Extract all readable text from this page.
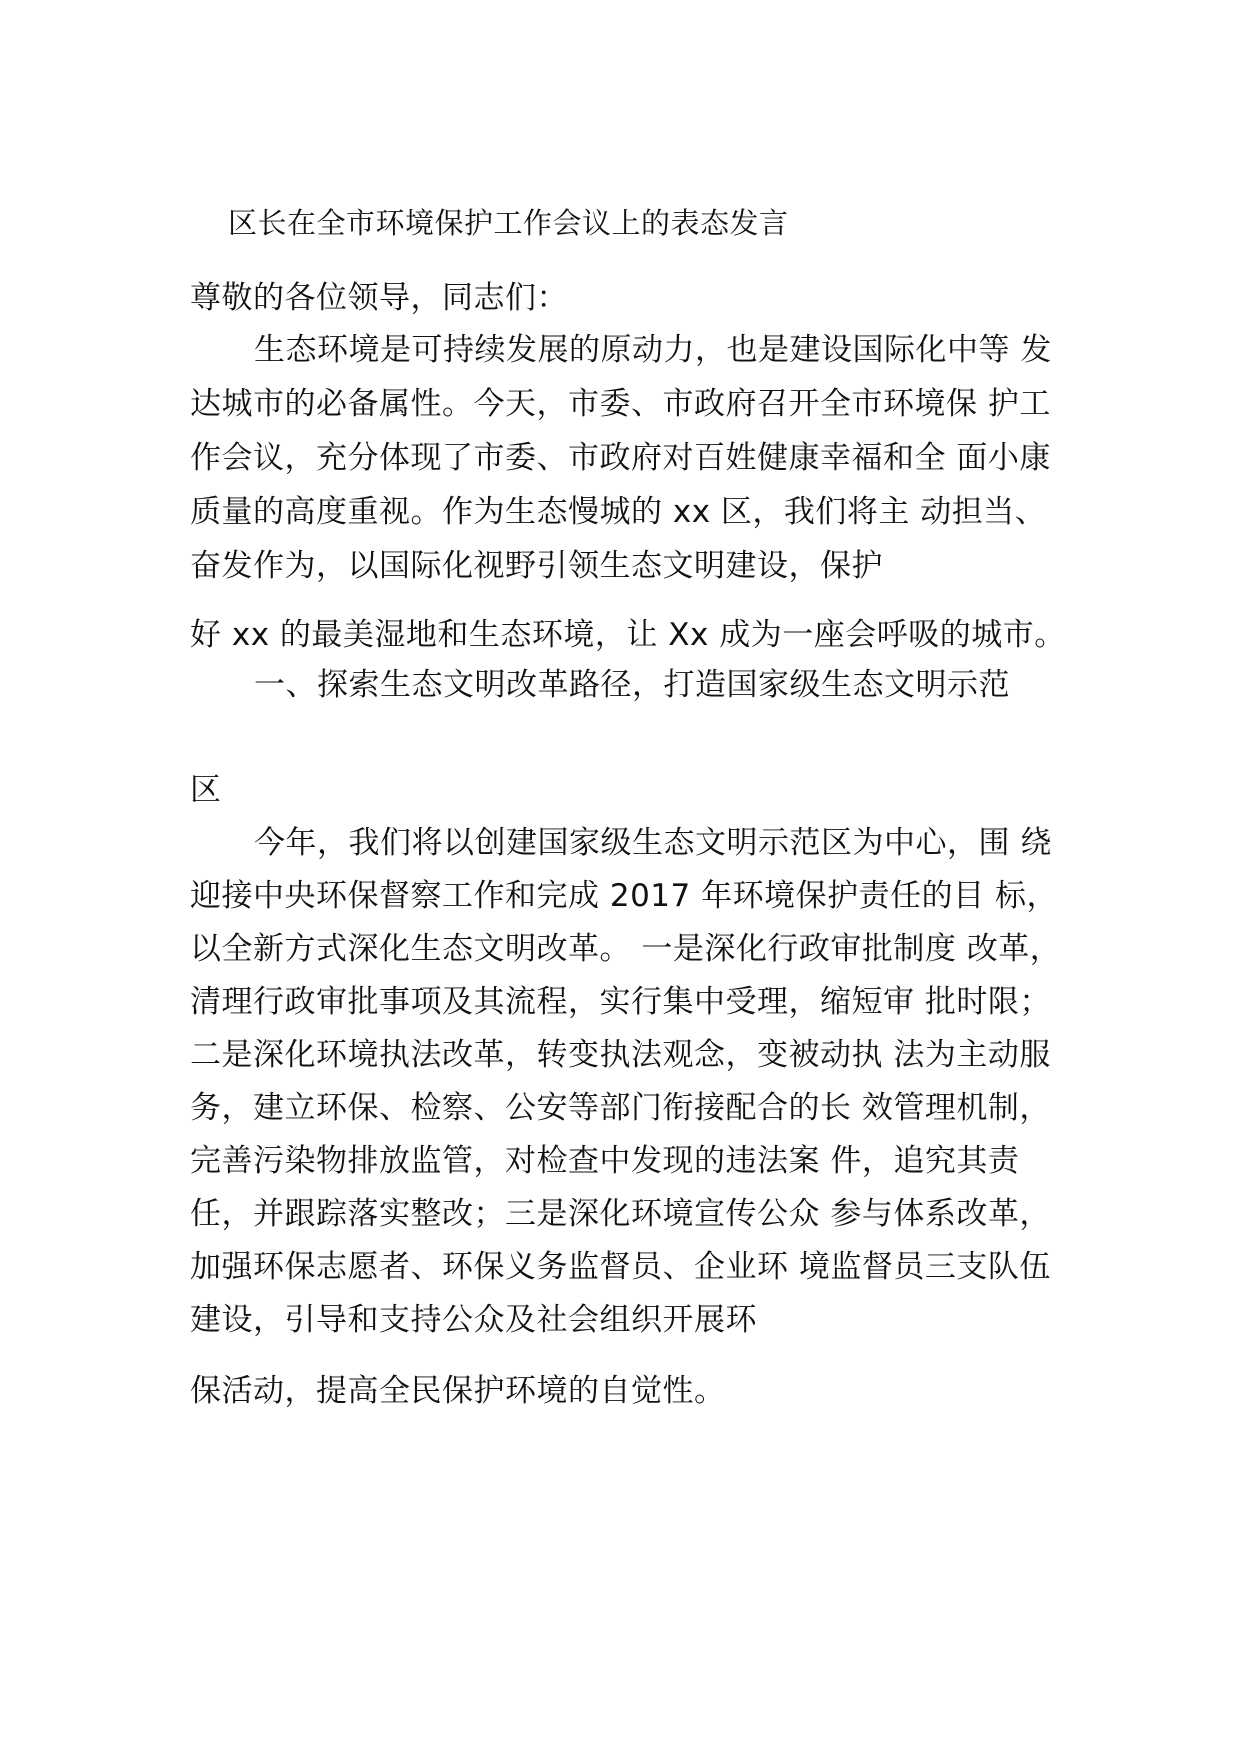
区长在全市环境保护工作会议上的表态发言
尊敬的各位领导，同志们：
生态环境是可持续发展的原动力，也是建设国际化中等 发
达城市的必备属性。今天，市委、市政府召开全市环境保 护工
作会议，充分体现了市委、市政府对百姓健康幸福和全 面小康
质量的高度重视。作为生态慢城的 xx 区，我们将主 动担当、
奋发作为，以国际化视野引领生态文明建设，保护
好 xx 的最美湿地和生态环境，让 Xx 成为一座会呼吸的城市。
一、探索生态文明改革路径，打造国家级生态文明示范
区
今年，我们将以创建国家级生态文明示范区为中心，围 绕
迎接中央环保督察工作和完成 2017 年环境保护责任的目 标，
以全新方式深化生态文明改革。 一是深化行政审批制度 改革，
清理行政审批事项及其流程，实行集中受理，缩短审 批时限；
二是深化环境执法改革，转变执法观念，变被动执 法为主动服
务，建立环保、检察、公安等部门衔接配合的长 效管理机制，
完善污染物排放监管，对检查中发现的违法案 件，追究其责
任，并跟踪落实整改；三是深化环境宣传公众 参与体系改革，
加强环保志愿者、环保义务监督员、企业环 境监督员三支队伍
建设，引导和支持公众及社会组织开展环
保活动，提高全民保护环境的自觉性。
